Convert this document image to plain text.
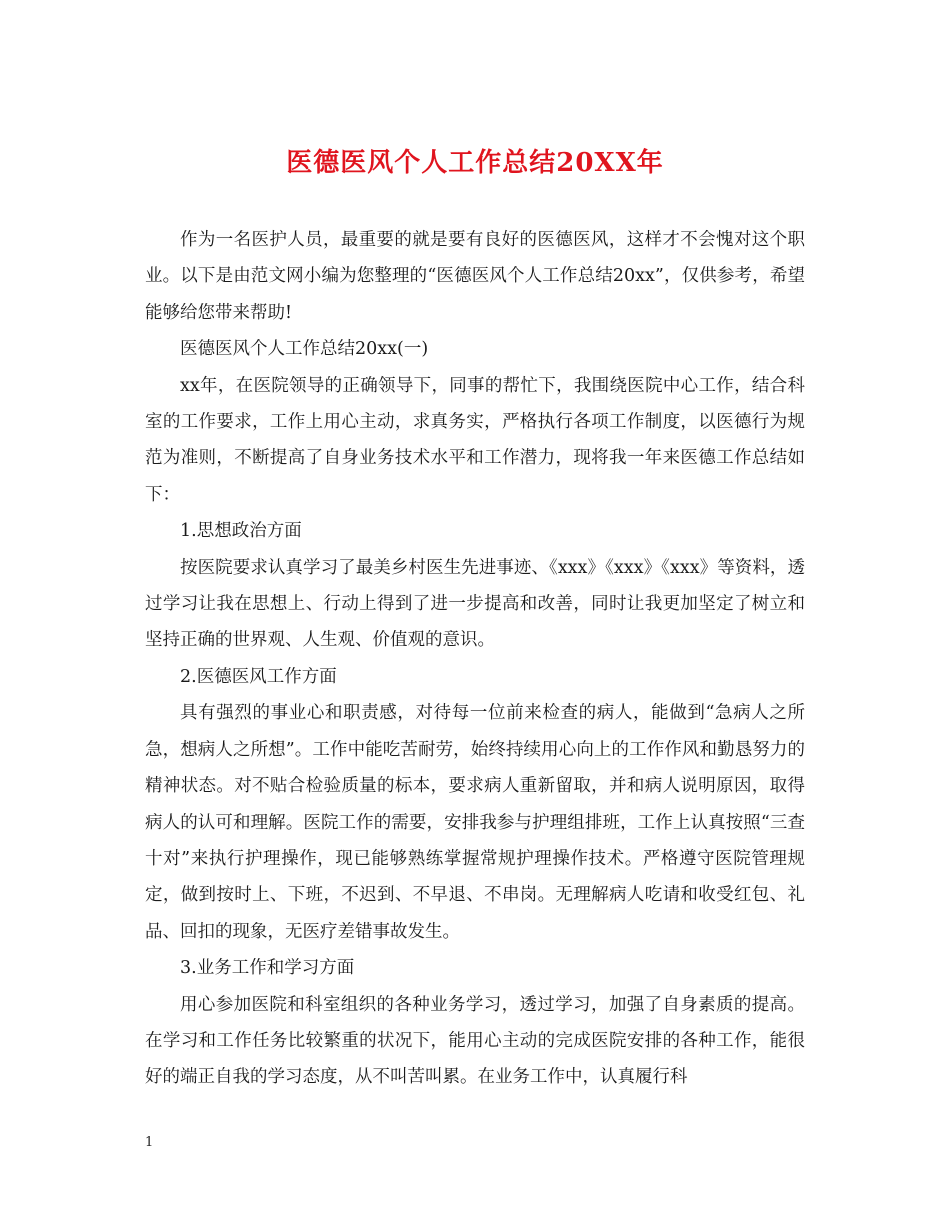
医德医风个人工作总结20XX年

作为一名医护人员，最重要的就是要有良好的医德医风，这样才不会愧对这个职业。以下是由范文网小编为您整理的“医德医风个人工作总结20xx”，仅供参考，希望能够给您带来帮助!

医德医风个人工作总结20xx(一)

xx年，在医院领导的正确领导下，同事的帮忙下，我围绕医院中心工作，结合科室的工作要求，工作上用心主动，求真务实，严格执行各项工作制度，以医德行为规范为准则，不断提高了自身业务技术水平和工作潜力，现将我一年来医德工作总结如下：

1.思想政治方面

按医院要求认真学习了最美乡村医生先进事迹、《xxx》《xxx》《xxx》等资料，透过学习让我在思想上、行动上得到了进一步提高和改善，同时让我更加坚定了树立和坚持正确的世界观、人生观、价值观的意识。

2.医德医风工作方面

具有强烈的事业心和职责感，对待每一位前来检查的病人，能做到“急病人之所急，想病人之所想”。工作中能吃苦耐劳，始终持续用心向上的工作作风和勤恳努力的精神状态。对不贴合检验质量的标本，要求病人重新留取，并和病人说明原因，取得病人的认可和理解。医院工作的需要，安排我参与护理组排班，工作上认真按照“三查十对”来执行护理操作，现已能够熟练掌握常规护理操作技术。严格遵守医院管理规定，做到按时上、下班，不迟到、不早退、不串岗。无理解病人吃请和收受红包、礼品、回扣的现象，无医疗差错事故发生。

3.业务工作和学习方面

用心参加医院和科室组织的各种业务学习，透过学习，加强了自身素质的提高。在学习和工作任务比较繁重的状况下，能用心主动的完成医院安排的各种工作，能很好的端正自我的学习态度，从不叫苦叫累。在业务工作中，认真履行科

1
